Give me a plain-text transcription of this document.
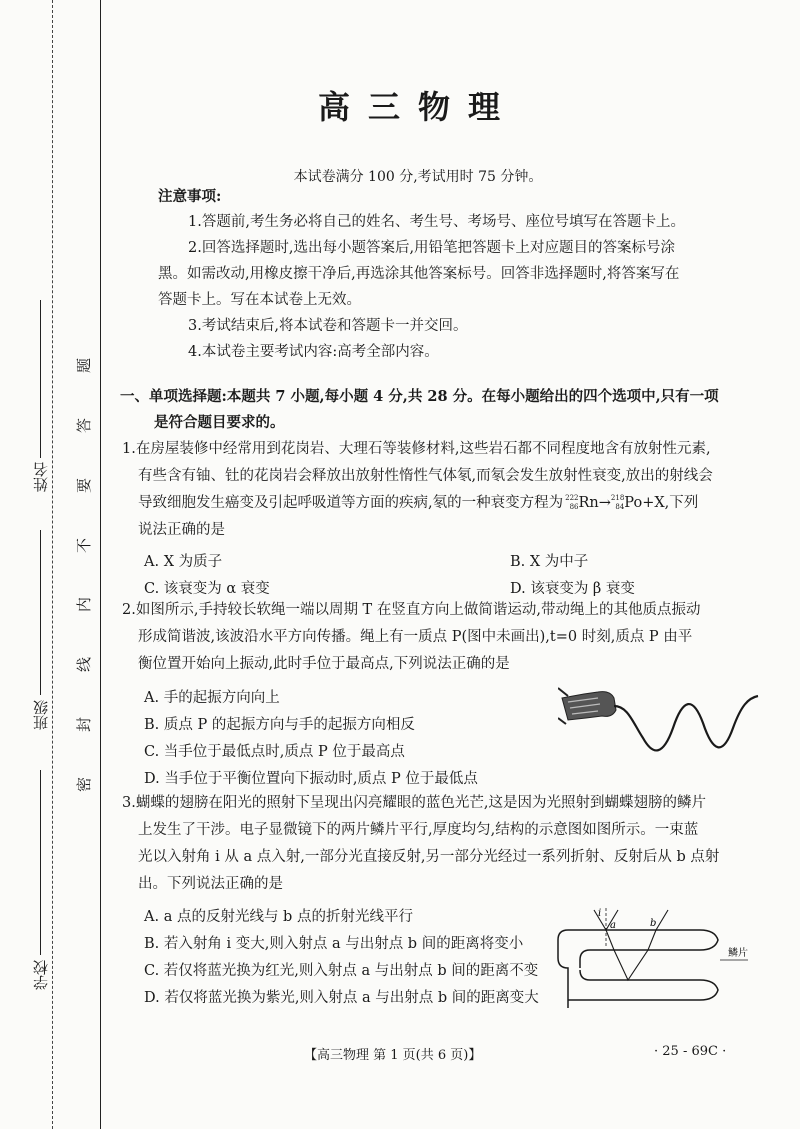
姓名
班级
学校
题
答
要
不
内
线
封
密
高三物理
本试卷满分 100 分,考试用时 75 分钟。
注意事项:
1.答题前,考生务必将自己的姓名、考生号、考场号、座位号填写在答题卡上。
2.回答选择题时,选出每小题答案后,用铅笔把答题卡上对应题目的答案标号涂
黑。如需改动,用橡皮擦干净后,再选涂其他答案标号。回答非选择题时,将答案写在
答题卡上。写在本试卷上无效。
3.考试结束后,将本试卷和答题卡一并交回。
4.本试卷主要考试内容:高考全部内容。
一、单项选择题:本题共 7 小题,每小题 4 分,共 28 分。在每小题给出的四个选项中,只有一项
是符合题目要求的。
1.在房屋装修中经常用到花岗岩、大理石等装修材料,这些岩石都不同程度地含有放射性元素,
有些含有铀、钍的花岗岩会释放出放射性惰性气体氡,而氡会发生放射性衰变,放出的射线会
导致细胞发生癌变及引起呼吸道等方面的疾病,氡的一种衰变方程为 222
86 Rn→ 218
84 Po+X,下列
说法正确的是
A. X 为质子	B. X 为中子
C. 该衰变为 α 衰变	D. 该衰变为 β 衰变
2.如图所示,手持较长软绳一端以周期 T 在竖直方向上做简谐运动,带动绳上的其他质点振动
形成简谐波,该波沿水平方向传播。绳上有一质点 P(图中未画出),t=0 时刻,质点 P 由平
衡位置开始向上振动,此时手位于最高点,下列说法正确的是
A. 手的起振方向向上
B. 质点 P 的起振方向与手的起振方向相反
C. 当手位于最低点时,质点 P 位于最高点
D. 当手位于平衡位置向下振动时,质点 P 位于最低点
3.蝴蝶的翅膀在阳光的照射下呈现出闪亮耀眼的蓝色光芒,这是因为光照射到蝴蝶翅膀的鳞片
上发生了干涉。电子显微镜下的两片鳞片平行,厚度均匀,结构的示意图如图所示。一束蓝
光以入射角 i 从 a 点入射,一部分光直接反射,另一部分光经过一系列折射、反射后从 b 点射
出。下列说法正确的是
A. a 点的反射光线与 b 点的折射光线平行
B. 若入射角 i 变大,则入射点 a 与出射点 b 间的距离将变小
C. 若仅将蓝光换为红光,则入射点 a 与出射点 b 间的距离不变
D. 若仅将蓝光换为紫光,则入射点 a 与出射点 b 间的距离变大
i
a	b
鳞片
【高三物理 第 1 页(共 6 页)】	· 25 - 69C ·
